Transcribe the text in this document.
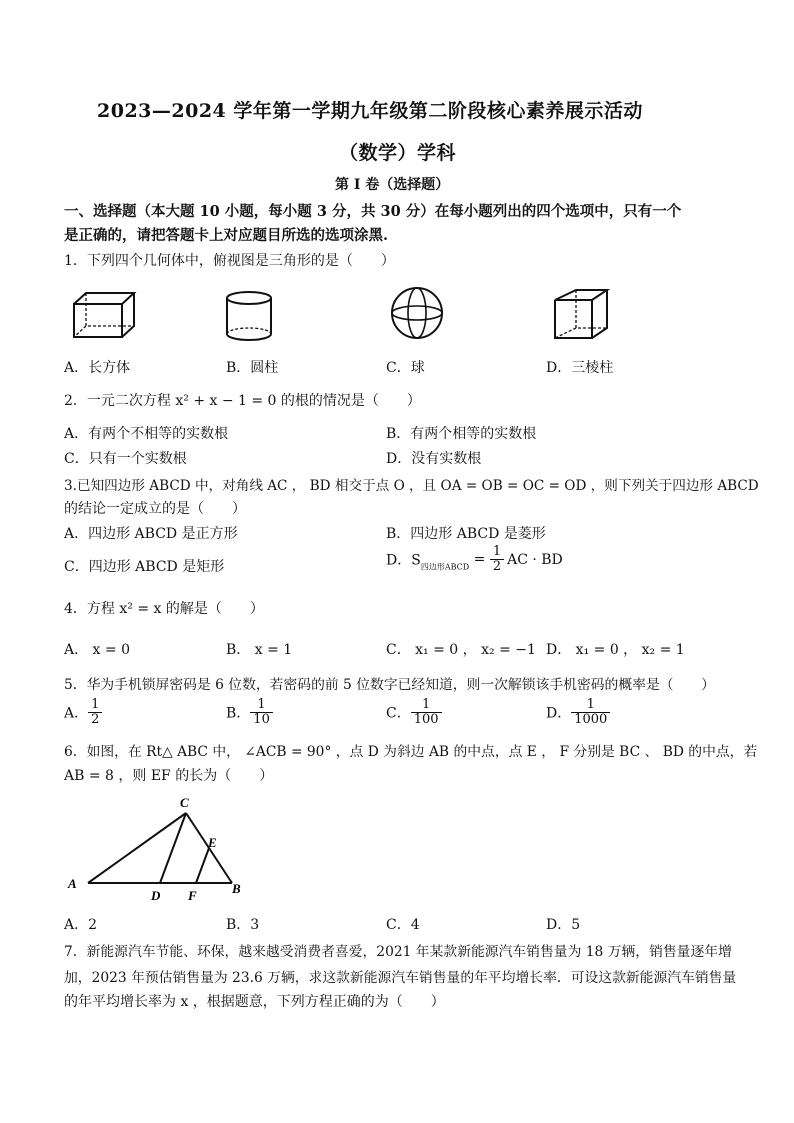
2023—2024 学年第一学期九年级第二阶段核心素养展示活动
（数学）学科
第 I 卷（选择题）
一、选择题（本大题 10 小题，每小题 3 分，共 30 分）在每小题列出的四个选项中，只有一个
是正确的，请把答题卡上对应题目所选的选项涂黑.
1．下列四个几何体中，俯视图是三角形的是（　　）
A．长方体	B．圆柱	C．球	D．三棱柱
2．一元二次方程 x² + x − 1 = 0 的根的情况是（　　）
A．有两个不相等的实数根	B．有两个相等的实数根
C．只有一个实数根	D．没有实数根
3.已知四边形 ABCD 中，对角线 AC ， BD 相交于点 O ，且 OA = OB = OC = OD ，则下列关于四边形 ABCD
的结论一定成立的是（　　）
A．四边形 ABCD 是正方形	B．四边形 ABCD 是菱形
C．四边形 ABCD 是矩形	D．$S_{四边形ABCD} = \frac{1}{2}$ AC · BD
4．方程 x² = x 的解是（　　）
A． x = 0	B． x = 1	C． x₁ = 0 ， x₂ = −1 D． x₁ = 0 ， x₂ = 1
5．华为手机锁屏密码是 6 位数，若密码的前 5 位数字已经知道，则一次解锁该手机密码的概率是（　　）
A． $\frac{1}{2}$	B． $\frac{1}{10}$	C． $\frac{1}{100}$	D． $\frac{1}{1000}$
6．如图，在 Rt△ ABC 中， ∠ACB = 90° ，点 D 为斜边 AB 的中点，点 E ， F 分别是 BC 、 BD 的中点，若
AB = 8 ，则 EF 的长为（　　）
A	B
C
D
E
F
A．2	B．3	C．4	D．5
7．新能源汽车节能、环保，越来越受消费者喜爱，2021 年某款新能源汽车销售量为 18 万辆，销售量逐年增
加，2023 年预估销售量为 23.6 万辆，求这款新能源汽车销售量的年平均增长率．可设这款新能源汽车销售量
的年平均增长率为 x ，根据题意，下列方程正确的为（　　）
